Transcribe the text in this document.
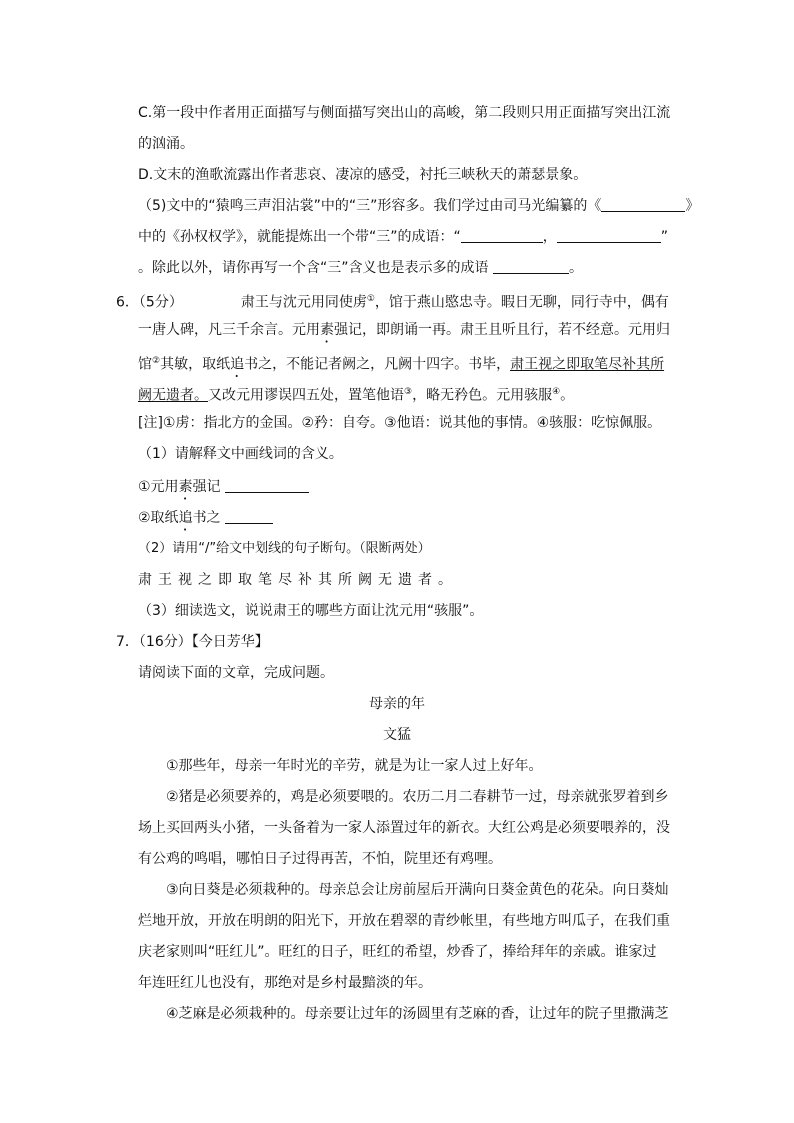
C.第一段中作者用正面描写与侧面描写突出山的高峻，第二段则只用正面描写突出江流
的汹涌。
D.文末的渔歌流露出作者悲哀、凄凉的感受，衬托三峡秋天的萧瑟景象。
（5)文中的“猿鸣三声泪沾裳”中的“三”形容多。我们学过由司马光编纂的《	》
中的《孙权权学》，就能提炼出一个带“三”的成语：“	，	”
。除此以外，请你再写一个含“三”含义也是表示多的成语	。
6．（5分）	肃王与沈元用同使虏①，馆于燕山愍忠寺。暇日无聊，同行寺中，偶有
一唐人碑，凡三千余言。元用素强记，即朗诵一再。肃王且听且行，若不经意。元用归
馆②其敏，取纸追书之，不能记者阙之，凡阙十四字。书毕，肃王视之即取笔尽补其所
阙无遗者。又改元用谬误四五处，置笔他语③，略无矜色。元用骇服④。
[注]①虏：指北方的金国。②矜：自夸。③他语：说其他的事情。④骇服：吃惊佩服。
（1）请解释文中画线词的含义。
①元用素强记
②取纸追书之
（2）请用“/”给文中划线的句子断句。（限断两处）
肃王视之即取笔尽补其所阙无遗者。
（3）细读选文，说说肃王的哪些方面让沈元用“骇服”。
7．（16分）【今日芳华】
请阅读下面的文章，完成问题。
母亲的年
文猛
①那些年，母亲一年时光的辛劳，就是为让一家人过上好年。
②猪是必须要养的，鸡是必须要喂的。农历二月二春耕节一过，母亲就张罗着到乡
场上买回两头小猪，一头备着为一家人添置过年的新衣。大红公鸡是必须要喂养的，没
有公鸡的鸣唱，哪怕日子过得再苦，不怕，院里还有鸡哩。
③向日葵是必须栽种的。母亲总会让房前屋后开满向日葵金黄色的花朵。向日葵灿
烂地开放，开放在明朗的阳光下，开放在碧翠的青纱帐里，有些地方叫瓜子，在我们重
庆老家则叫“旺红儿”。旺红的日子，旺红的希望，炒香了，捧给拜年的亲戚。谁家过
年连旺红儿也没有，那绝对是乡村最黯淡的年。
④芝麻是必须栽种的。母亲要让过年的汤圆里有芝麻的香，让过年的院子里撒满芝
